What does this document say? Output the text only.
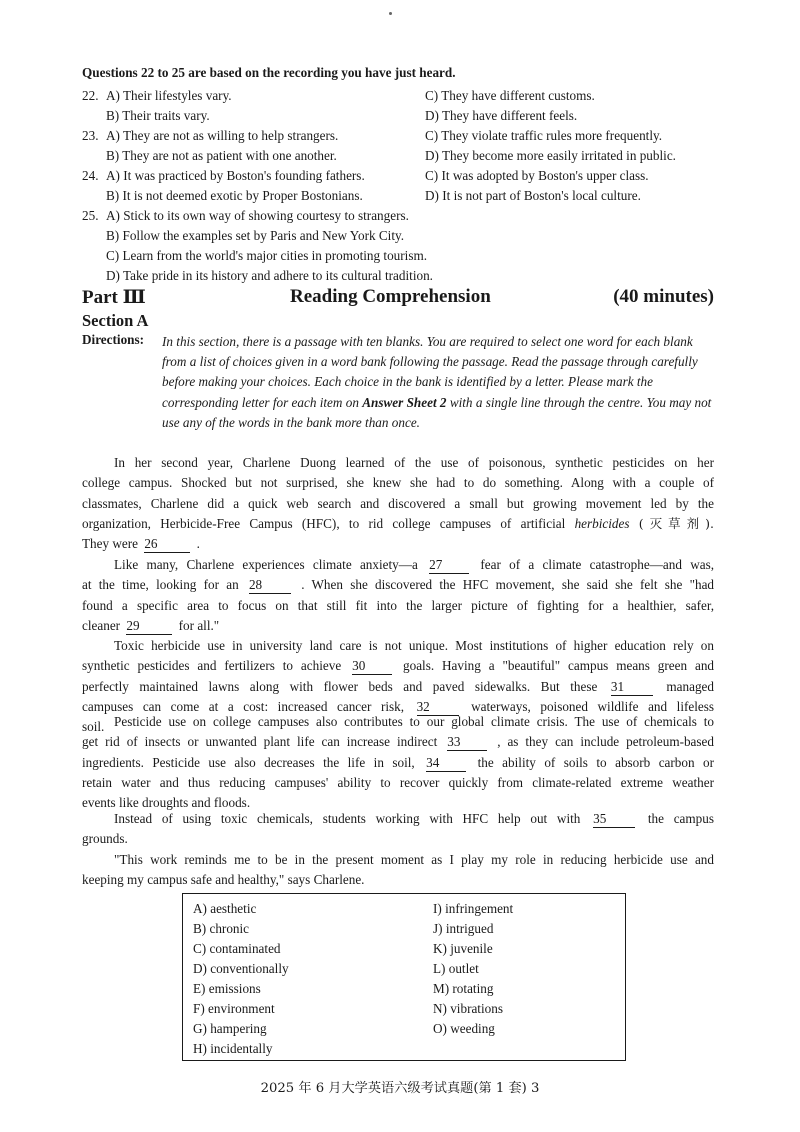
Questions 22 to 25 are based on the recording you have just heard.
22. A) Their lifestyles vary.
B) Their traits vary.
C) They have different customs.
D) They have different feels.
23. A) They are not as willing to help strangers.
B) They are not as patient with one another.
C) They violate traffic rules more frequently.
D) They become more easily irritated in public.
24. A) It was practiced by Boston's founding fathers.
B) It is not deemed exotic by Proper Bostonians.
C) It was adopted by Boston's upper class.
D) It is not part of Boston's local culture.
25. A) Stick to its own way of showing courtesy to strangers.
B) Follow the examples set by Paris and New York City.
C) Learn from the world's major cities in promoting tourism.
D) Take pride in its history and adhere to its cultural tradition.
Part Ⅲ	Reading Comprehension	(40 minutes)
Section A
Directions: In this section, there is a passage with ten blanks. You are required to select one word for each blank from a list of choices given in a word bank following the passage. Read the passage through carefully before making your choices. Each choice in the bank is identified by a letter. Please mark the corresponding letter for each item on Answer Sheet 2 with a single line through the centre. You may not use any of the words in the bank more than once.
In her second year, Charlene Duong learned of the use of poisonous, synthetic pesticides on her
college campus. Shocked but not surprised, she knew she had to do something. Along with a couple of
classmates, Charlene did a quick web search and discovered a small but growing movement led by the
organization, Herbicide-Free Campus (HFC), to rid college campuses of artificial herbicides (灭草剂).
They were 26	.
Like many, Charlene experiences climate anxiety—a 27	fear of a climate catastrophe—and was,
at the time, looking for an 28	. When she discovered the HFC movement, she said she felt she "had
found a specific area to focus on that still fit into the larger picture of fighting for a healthier, safer,
cleaner 29	for all."
Toxic herbicide use in university land care is not unique. Most institutions of higher education rely on
synthetic pesticides and fertilizers to achieve 30	goals. Having a "beautiful" campus means green and
perfectly maintained lawns along with flower beds and paved sidewalks. But these 31	managed
campuses can come at a cost: increased cancer risk, 32	waterways, poisoned wildlife and lifeless
soil. Pesticide use on college campuses also contributes to our global climate crisis. The use of chemicals to
get rid of insects or unwanted plant life can increase indirect 33	, as they can include petroleum-based
ingredients. Pesticide use also decreases the life in soil, 34	the ability of soils to absorb carbon or
retain water and thus reducing campuses' ability to recover quickly from climate-related extreme weather
events like droughts and floods.
Instead of using toxic chemicals, students working with HFC help out with 35	the campus
grounds.
"This work reminds me to be in the present moment as I play my role in reducing herbicide use and
keeping my campus safe and healthy," says Charlene.
A) aesthetic
B) chronic
C) contaminated
D) conventionally
E) emissions
F) environment
G) hampering
H) incidentally
I) infringement
J) intrigued
K) juvenile
L) outlet
M) rotating
N) vibrations
O) weeding
2025 年 6 月大学英语六级考试真题(第 1 套) 3
